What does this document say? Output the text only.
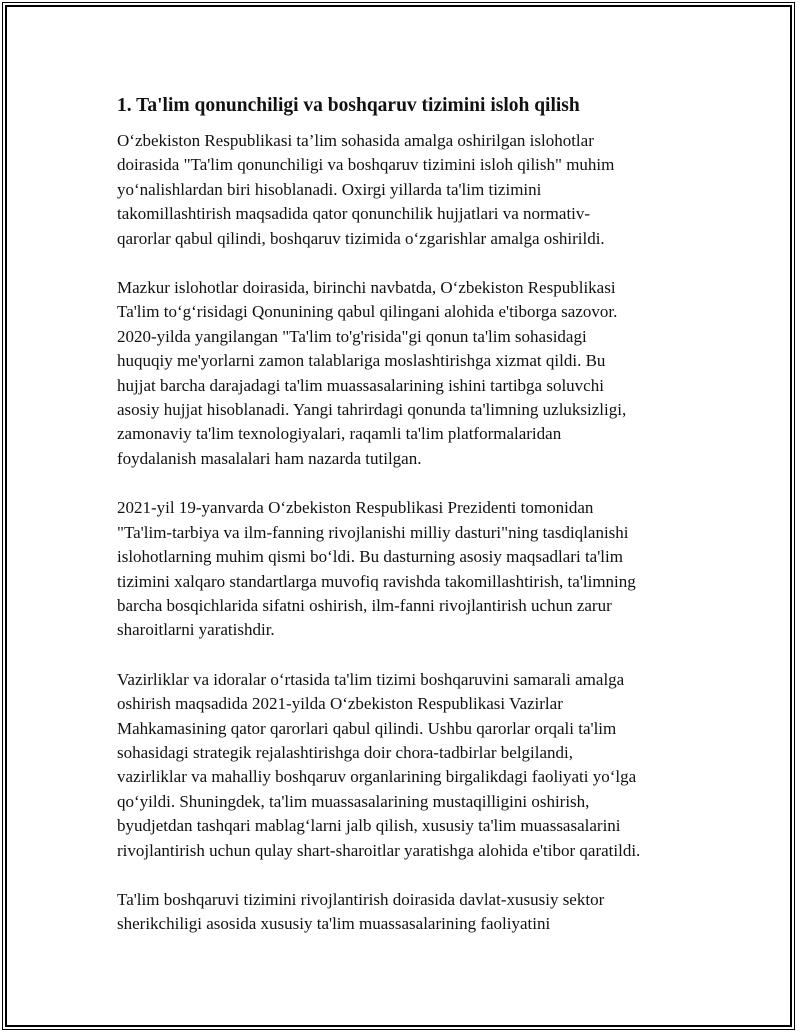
1. Ta'lim qonunchiligi va boshqaruv tizimini isloh qilish
O‘zbekiston Respublikasi ta’lim sohasida amalga oshirilgan islohotlar
doirasida "Ta'lim qonunchiligi va boshqaruv tizimini isloh qilish" muhim
yo‘nalishlardan biri hisoblanadi. Oxirgi yillarda ta'lim tizimini
takomillashtirish maqsadida qator qonunchilik hujjatlari va normativ-
qarorlar qabul qilindi, boshqaruv tizimida o‘zgarishlar amalga oshirildi.
Mazkur islohotlar doirasida, birinchi navbatda, O‘zbekiston Respublikasi
Ta'lim to‘g‘risidagi Qonunining qabul qilingani alohida e'tiborga sazovor.
2020-yilda yangilangan "Ta'lim to'g'risida"gi qonun ta'lim sohasidagi
huquqiy me'yorlarni zamon talablariga moslashtirishga xizmat qildi. Bu
hujjat barcha darajadagi ta'lim muassasalarining ishini tartibga soluvchi
asosiy hujjat hisoblanadi. Yangi tahrirdagi qonunda ta'limning uzluksizligi,
zamonaviy ta'lim texnologiyalari, raqamli ta'lim platformalaridan
foydalanish masalalari ham nazarda tutilgan.
2021-yil 19-yanvarda O‘zbekiston Respublikasi Prezidenti tomonidan
"Ta'lim-tarbiya va ilm-fanning rivojlanishi milliy dasturi"ning tasdiqlanishi
islohotlarning muhim qismi bo‘ldi. Bu dasturning asosiy maqsadlari ta'lim
tizimini xalqaro standartlarga muvofiq ravishda takomillashtirish, ta'limning
barcha bosqichlarida sifatni oshirish, ilm-fanni rivojlantirish uchun zarur
sharoitlarni yaratishdir.
Vazirliklar va idoralar o‘rtasida ta'lim tizimi boshqaruvini samarali amalga
oshirish maqsadida 2021-yilda O‘zbekiston Respublikasi Vazirlar
Mahkamasining qator qarorlari qabul qilindi. Ushbu qarorlar orqali ta'lim
sohasidagi strategik rejalashtirishga doir chora-tadbirlar belgilandi,
vazirliklar va mahalliy boshqaruv organlarining birgalikdagi faoliyati yo‘lga
qo‘yildi. Shuningdek, ta'lim muassasalarining mustaqilligini oshirish,
byudjetdan tashqari mablag‘larni jalb qilish, xususiy ta'lim muassasalarini
rivojlantirish uchun qulay shart-sharoitlar yaratishga alohida e'tibor qaratildi.
Ta'lim boshqaruvi tizimini rivojlantirish doirasida davlat-xususiy sektor
sherikchiligi asosida xususiy ta'lim muassasalarining faoliyatini
